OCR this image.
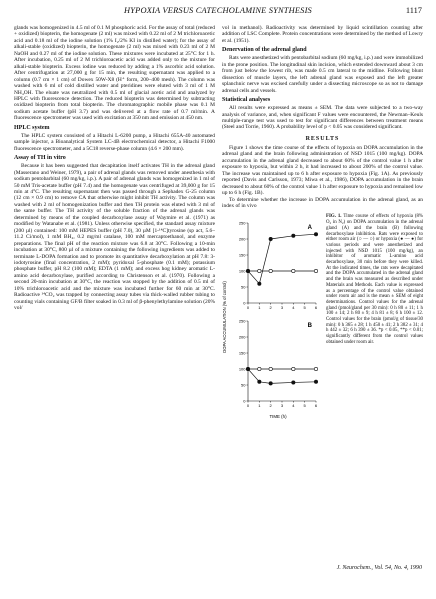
HYPOXIA VERSUS CATECHOLAMINE SYNTHESIS	1117

glands was homogenized in 4.5 ml of 0.1 M phosphoric acid. For the assay of total (reduced + oxidized) biopterin, the homogenate (2 ml) was mixed with 0.22 ml of 2 M trichloroacetic acid and 0.18 ml of the iodine solution (1% I₂/2% KI in distilled water); for the assay of alkali-stable (oxidized) biopterin, the homogenate (2 ml) was mixed with 0.23 ml of 2 M NaOH and 0.27 ml of the iodine solution. These mixtures were incubated at 25°C for 1 h. After incubation, 0.25 ml of 2 M trichloroacetic acid was added only to the mixture for alkali-stable biopterin. Excess iodine was reduced by adding a 1% ascorbic acid solution. After centrifugation at 27,000 g for 15 min, the resulting supernatant was applied to a column (0.7 cm × 1 cm) of Dowex 50W-X8 (H⁺ form, 200–400 mesh). The column was washed with 6 ml of cold distilled water and pteridines were eluted with 3 ml of 1 M NH₄OH. The eluate was neutralized with 0.5 ml of glacial acetic acid and analyzed by HPLC with fluorescence detection. The reduced biopterin was determined by subtracting oxidized biopterin from total biopterin. The chromatographic mobile phase was 0.1 M sodium acetate buffer (pH 3.7) and was delivered at a flow rate of 0.7 ml/min. A fluorescence spectrometer was used with excitation at 350 nm and emission at 450 nm.

HPLC system

The HPLC system consisted of a Hitachi L-6200 pump, a Hitachi 655A-40 automated sample injector, a Bioanalytical System LC-4B electrochemical detector, a Hitachi F1000 fluorescence spectrometer, and a 5C18 reverse-phase column (4.6 × 200 mm).

Assay of TH in vitro

Because it has been suggested that decapitation itself activates TH in the adrenal gland (Masserano and Weiner, 1979), a pair of adrenal glands was removed under anesthesia with sodium pentobarbital (60 mg/kg, i.p.). A pair of adrenal glands was homogenized in 1 ml of 50 mM Tris-acetate buffer (pH 7.4) and the homogenate was centrifuged at 39,000 g for 15 min at 4°C. The resulting supernatant then was passed through a Sephadex G-25 column (12 cm × 0.9 cm) to remove CA that otherwise might inhibit TH activity. The column was washed with 2 ml of homogenization buffer and then TH protein was eluted with 3 ml of the same buffer. The TH activity of the soluble fraction of the adrenal glands was determined by means of the coupled decarboxylase assay of Waymire et al. (1971) as modified by Watanabe et al. (1981). Unless otherwise specified, the standard assay mixture (200 µl) contained: 100 mM HEPES buffer (pH 7.0), 30 µM [1-¹⁴C]tyrosine (sp act, 5.6–11.2 Ci/mol), 1 mM BH₄, 0.2 mg/ml catalase, 100 mM mercaptoethanol, and enzyme preparations. The final pH of the reaction mixture was 6.8 at 30°C. Following a 10-min incubation at 30°C, 800 µl of a mixture containing the following ingredients was added to terminate L-DOPA formation and to promote its quantitative decarboxylation at pH 7.8: 3-iodotyrosine (final concentration, 2 mM); pyridoxal 5-phosphate (0.1 mM); potassium phosphate buffer, pH 8.2 (100 mM); EDTA (1 mM); and excess hog kidney aromatic L-amino acid decarboxylase, purified according to Christenson et al. (1970). Following a second 20-min incubation at 30°C, the reaction was stopped by the addition of 0.5 ml of 10% trichloroacetic acid and the mixture was incubated further for 60 min at 30°C. Radioactive ¹⁴CO₂ was trapped by connecting assay tubes via thick-walled rubber tubing to counting vials containing GF/B filter soaked in 0.3 ml of β-phenylethylamine solution (20% vol/

vol in methanol). Radioactivity was determined by liquid scintillation counting after addition of LSC Complete. Protein concentrations were determined by the method of Lowry et al. (1951).

Denervation of the adrenal gland

Rats were anesthetized with pentobarbital sodium (60 mg/kg, i.p.) and were immobilized in the prone position. The longitudinal skin incision, which extended downward about 3 cm from just below the lowest rib, was made 0.5 cm lateral to the midline. Following blunt dissection of muscle layers, the left adrenal gland was exposed and the left greater splanchnic nerve was excised carefully under a dissecting microscope so as not to damage adrenal cells and vessels.

Statistical analyses

All results were expressed as means ± SEM. The data were subjected to a two-way analysis of variance, and, when significant F values were encountered, the Newman–Keuls multiple-range test was used to test for significant differences between treatment means (Steel and Torrie, 1960). A probability level of p < 0.05 was considered significant.

RESULTS

Figure 1 shows the time course of the effects of hypoxia on DOPA accumulation in the adrenal gland and the brain following administration of NSD 1015 (100 mg/kg). DOPA accumulation in the adrenal gland decreased to about 60% of the control value 1 h after exposure to hypoxia, but within 2 h, it had increased to about 200% of the control value. The increase was maintained up to 6 h after exposure to hypoxia (Fig. 1A). As previously reported (Davis and Carlsson, 1973; Miwa et al., 1986), DOPA accumulation in the brain decreased to about 60% of the control value 1 h after exposure to hypoxia and remained low up to 6 h (Fig. 1B).

To determine whether the increase in DOPA accumulation in the adrenal gland, as an index of in vivo

DOPA ACCUMULATION (% of control)
TIME (h)
A
250
200
150
100
50
0
0 1 2 3 4 5 6
B
250
200
150
100
50
0
0 1 2 3 4 5 6
FIG. 1. Time course of effects of hypoxia (8% O₂ in N₂) on DOPA accumulation in the adrenal gland (A) and the brain (B) following decarboxylase inhibition. Rats were exposed to either room air (○ — ○) or hypoxia (● — ●) for various periods and were anesthetized and injected with NSD 1015 (100 mg/kg), an inhibitor of aromatic L-amino acid decarboxylase, 30 min before they were killed. At the indicated times, the rats were decapitated and the DOPA accumulated in the adrenal gland and the brain was measured as described under Materials and Methods. Each value is expressed as a percentage of the control value obtained under room air and is the mean ± SEM of eight determinations. Control values for the adrenal gland (pmol/gland per 30 min): 0 h 80 ± 11; 1 h 100 ± 14; 2 h 80 ± 9; 4 h 81 ± 8; 6 h 100 ± 12. Control values for the brain (pmol/g of tissue/30 min): 0 h 365 ± 28; 1 h 450 ± 41; 2 h 382 ± 31; 4 h 442 ± 32; 6 h 390 ± 36. *p < 0.05, **p < 0.01; significantly different from the control values obtained under room air.
J. Neurochem., Vol. 54, No. 4, 1990
